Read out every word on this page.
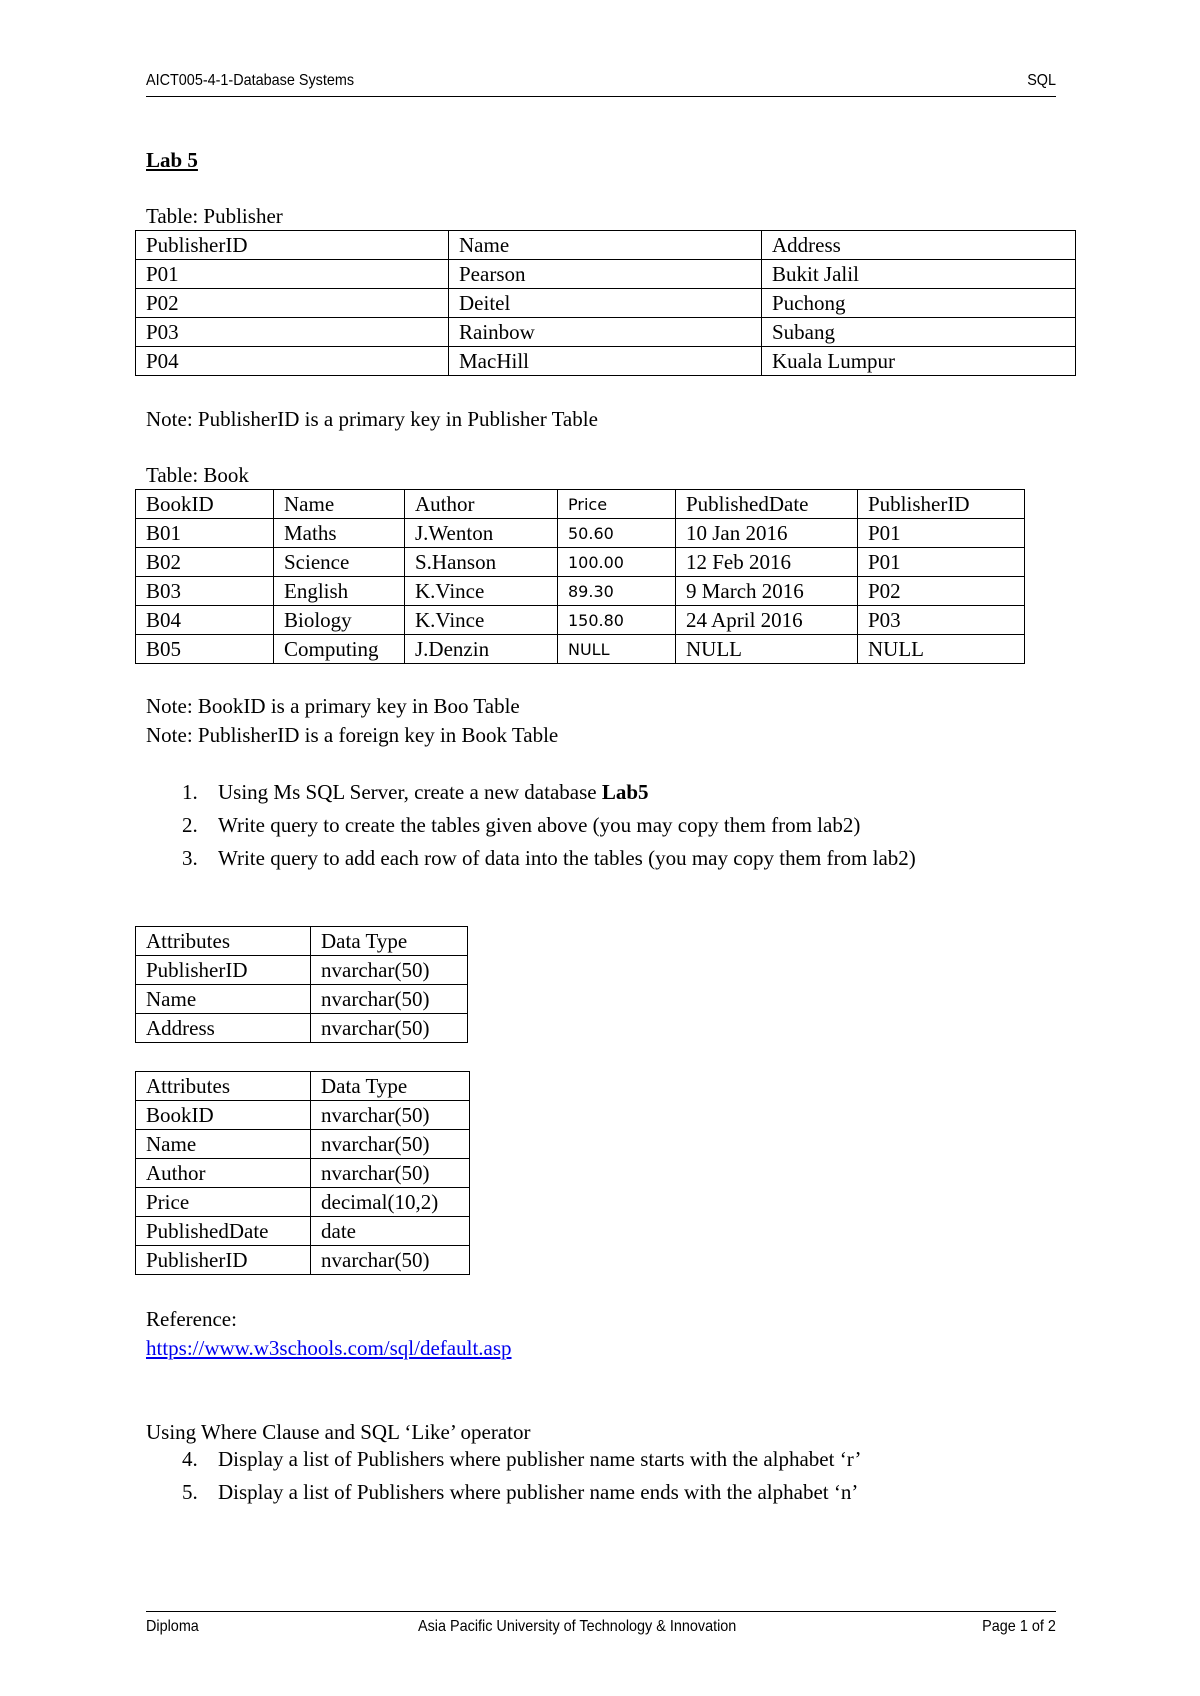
AICT005-4-1-Database Systems	SQL
Lab 5
Table: Publisher
PublisherID	Name	Address
P01	Pearson	Bukit Jalil
P02	Deitel	Puchong
P03	Rainbow	Subang
P04	MacHill	Kuala Lumpur
Note: PublisherID is a primary key in Publisher Table
Table: Book
BookID	Name	Author	Price	PublishedDate	PublisherID
B01	Maths	J.Wenton	50.60	10 Jan 2016	P01
B02	Science	S.Hanson	100.00	12 Feb 2016	P01
B03	English	K.Vince	89.30	9 March 2016	P02
B04	Biology	K.Vince	150.80	24 April 2016	P03
B05	Computing	J.Denzin	NULL	NULL	NULL
Note: BookID is a primary key in Boo Table
Note: PublisherID is a foreign key in Book Table
1. Using Ms SQL Server, create a new database Lab5
2. Write query to create the tables given above (you may copy them from lab2)
3. Write query to add each row of data into the tables (you may copy them from lab2)
Attributes	Data Type
PublisherID	nvarchar(50)
Name	nvarchar(50)
Address	nvarchar(50)
Attributes	Data Type
BookID	nvarchar(50)
Name	nvarchar(50)
Author	nvarchar(50)
Price	decimal(10,2)
PublishedDate	date
PublisherID	nvarchar(50)
Reference:
https://www.w3schools.com/sql/default.asp
Using Where Clause and SQL ‘Like’ operator
4. Display a list of Publishers where publisher name starts with the alphabet ‘r’
5. Display a list of Publishers where publisher name ends with the alphabet ‘n’
Diploma	Asia Pacific University of Technology & Innovation	Page 1 of 2
